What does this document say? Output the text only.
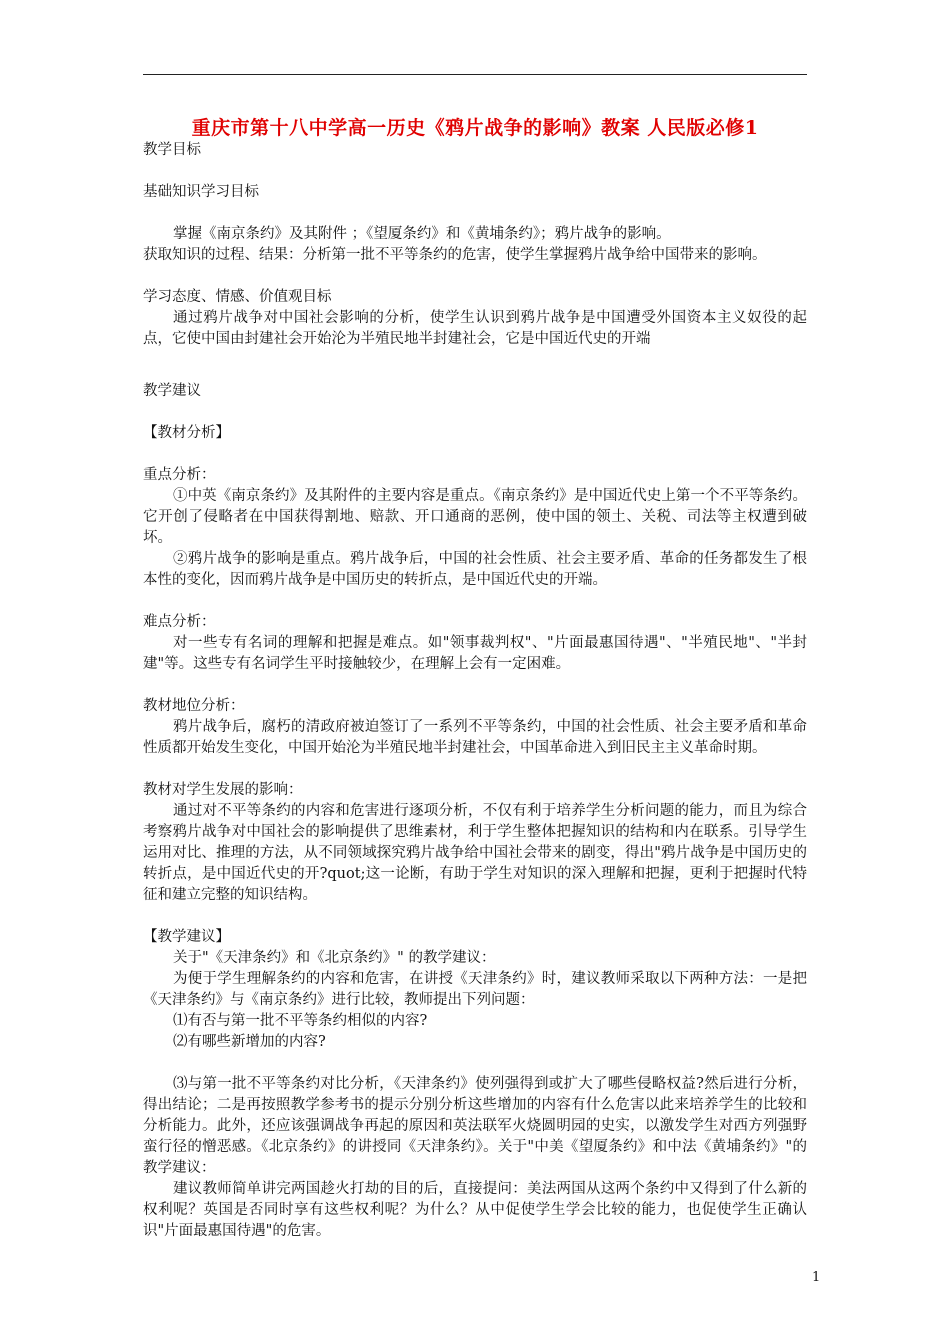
重庆市第十八中学高一历史《鸦片战争的影响》教案 人民版必修1

教学目标

基础知识学习目标

掌握《南京条约》及其附件 ；《望厦条约》和《黄埔条约》；鸦片战争的影响。

获取知识的过程、结果：分析第一批不平等条约的危害，使学生掌握鸦片战争给中国带来的影响。

学习态度、情感、价值观目标

通过鸦片战争对中国社会影响的分析，使学生认识到鸦片战争是中国遭受外国资本主义奴役的起点，它使中国由封建社会开始沦为半殖民地半封建社会，它是中国近代史的开端

教学建议

【教材分析】

重点分析：

①中英《南京条约》及其附件的主要内容是重点。《南京条约》是中国近代史上第一个不平等条约。它开创了侵略者在中国获得割地、赔款、开口通商的恶例，使中国的领土、关税、司法等主权遭到破坏。

②鸦片战争的影响是重点。鸦片战争后，中国的社会性质、社会主要矛盾、革命的任务都发生了根本性的变化，因而鸦片战争是中国历史的转折点，是中国近代史的开端。

难点分析：

对一些专有名词的理解和把握是难点。如"领事裁判权"、"片面最惠国待遇"、"半殖民地"、"半封建"等。这些专有名词学生平时接触较少，在理解上会有一定困难。

教材地位分析：

鸦片战争后，腐朽的清政府被迫签订了一系列不平等条约，中国的社会性质、社会主要矛盾和革命性质都开始发生变化，中国开始沦为半殖民地半封建社会，中国革命进入到旧民主主义革命时期。

教材对学生发展的影响：

通过对不平等条约的内容和危害进行逐项分析，不仅有利于培养学生分析问题的能力，而且为综合考察鸦片战争对中国社会的影响提供了思维素材，利于学生整体把握知识的结构和内在联系。引导学生运用对比、推理的方法，从不同领域探究鸦片战争给中国社会带来的剧变，得出"鸦片战争是中国历史的转折点，是中国近代史的开?quot;这一论断，有助于学生对知识的深入理解和把握，更利于把握时代特征和建立完整的知识结构。

【教学建议】

关于"《天津条约》和《北京条约》" 的教学建议：

为便于学生理解条约的内容和危害，在讲授《天津条约》时，建议教师采取以下两种方法：一是把《天津条约》与《南京条约》进行比较，教师提出下列问题：

⑴有否与第一批不平等条约相似的内容?

⑵有哪些新增加的内容?

⑶与第一批不平等条约对比分析，《天津条约》使列强得到或扩大了哪些侵略权益?然后进行分析，得出结论；二是再按照教学参考书的提示分别分析这些增加的内容有什么危害以此来培养学生的比较和分析能力。此外，还应该强调战争再起的原因和英法联军火烧圆明园的史实，以激发学生对西方列强野蛮行径的憎恶感。《北京条约》的讲授同《天津条约》。关于"中美《望厦条约》和中法《黄埔条约》"的教学建议：

建议教师简单讲完两国趁火打劫的目的后，直接提问：美法两国从这两个条约中又得到了什么新的权利呢？英国是否同时享有这些权利呢？为什么？从中促使学生学会比较的能力，也促使学生正确认识"片面最惠国待遇"的危害。

1
